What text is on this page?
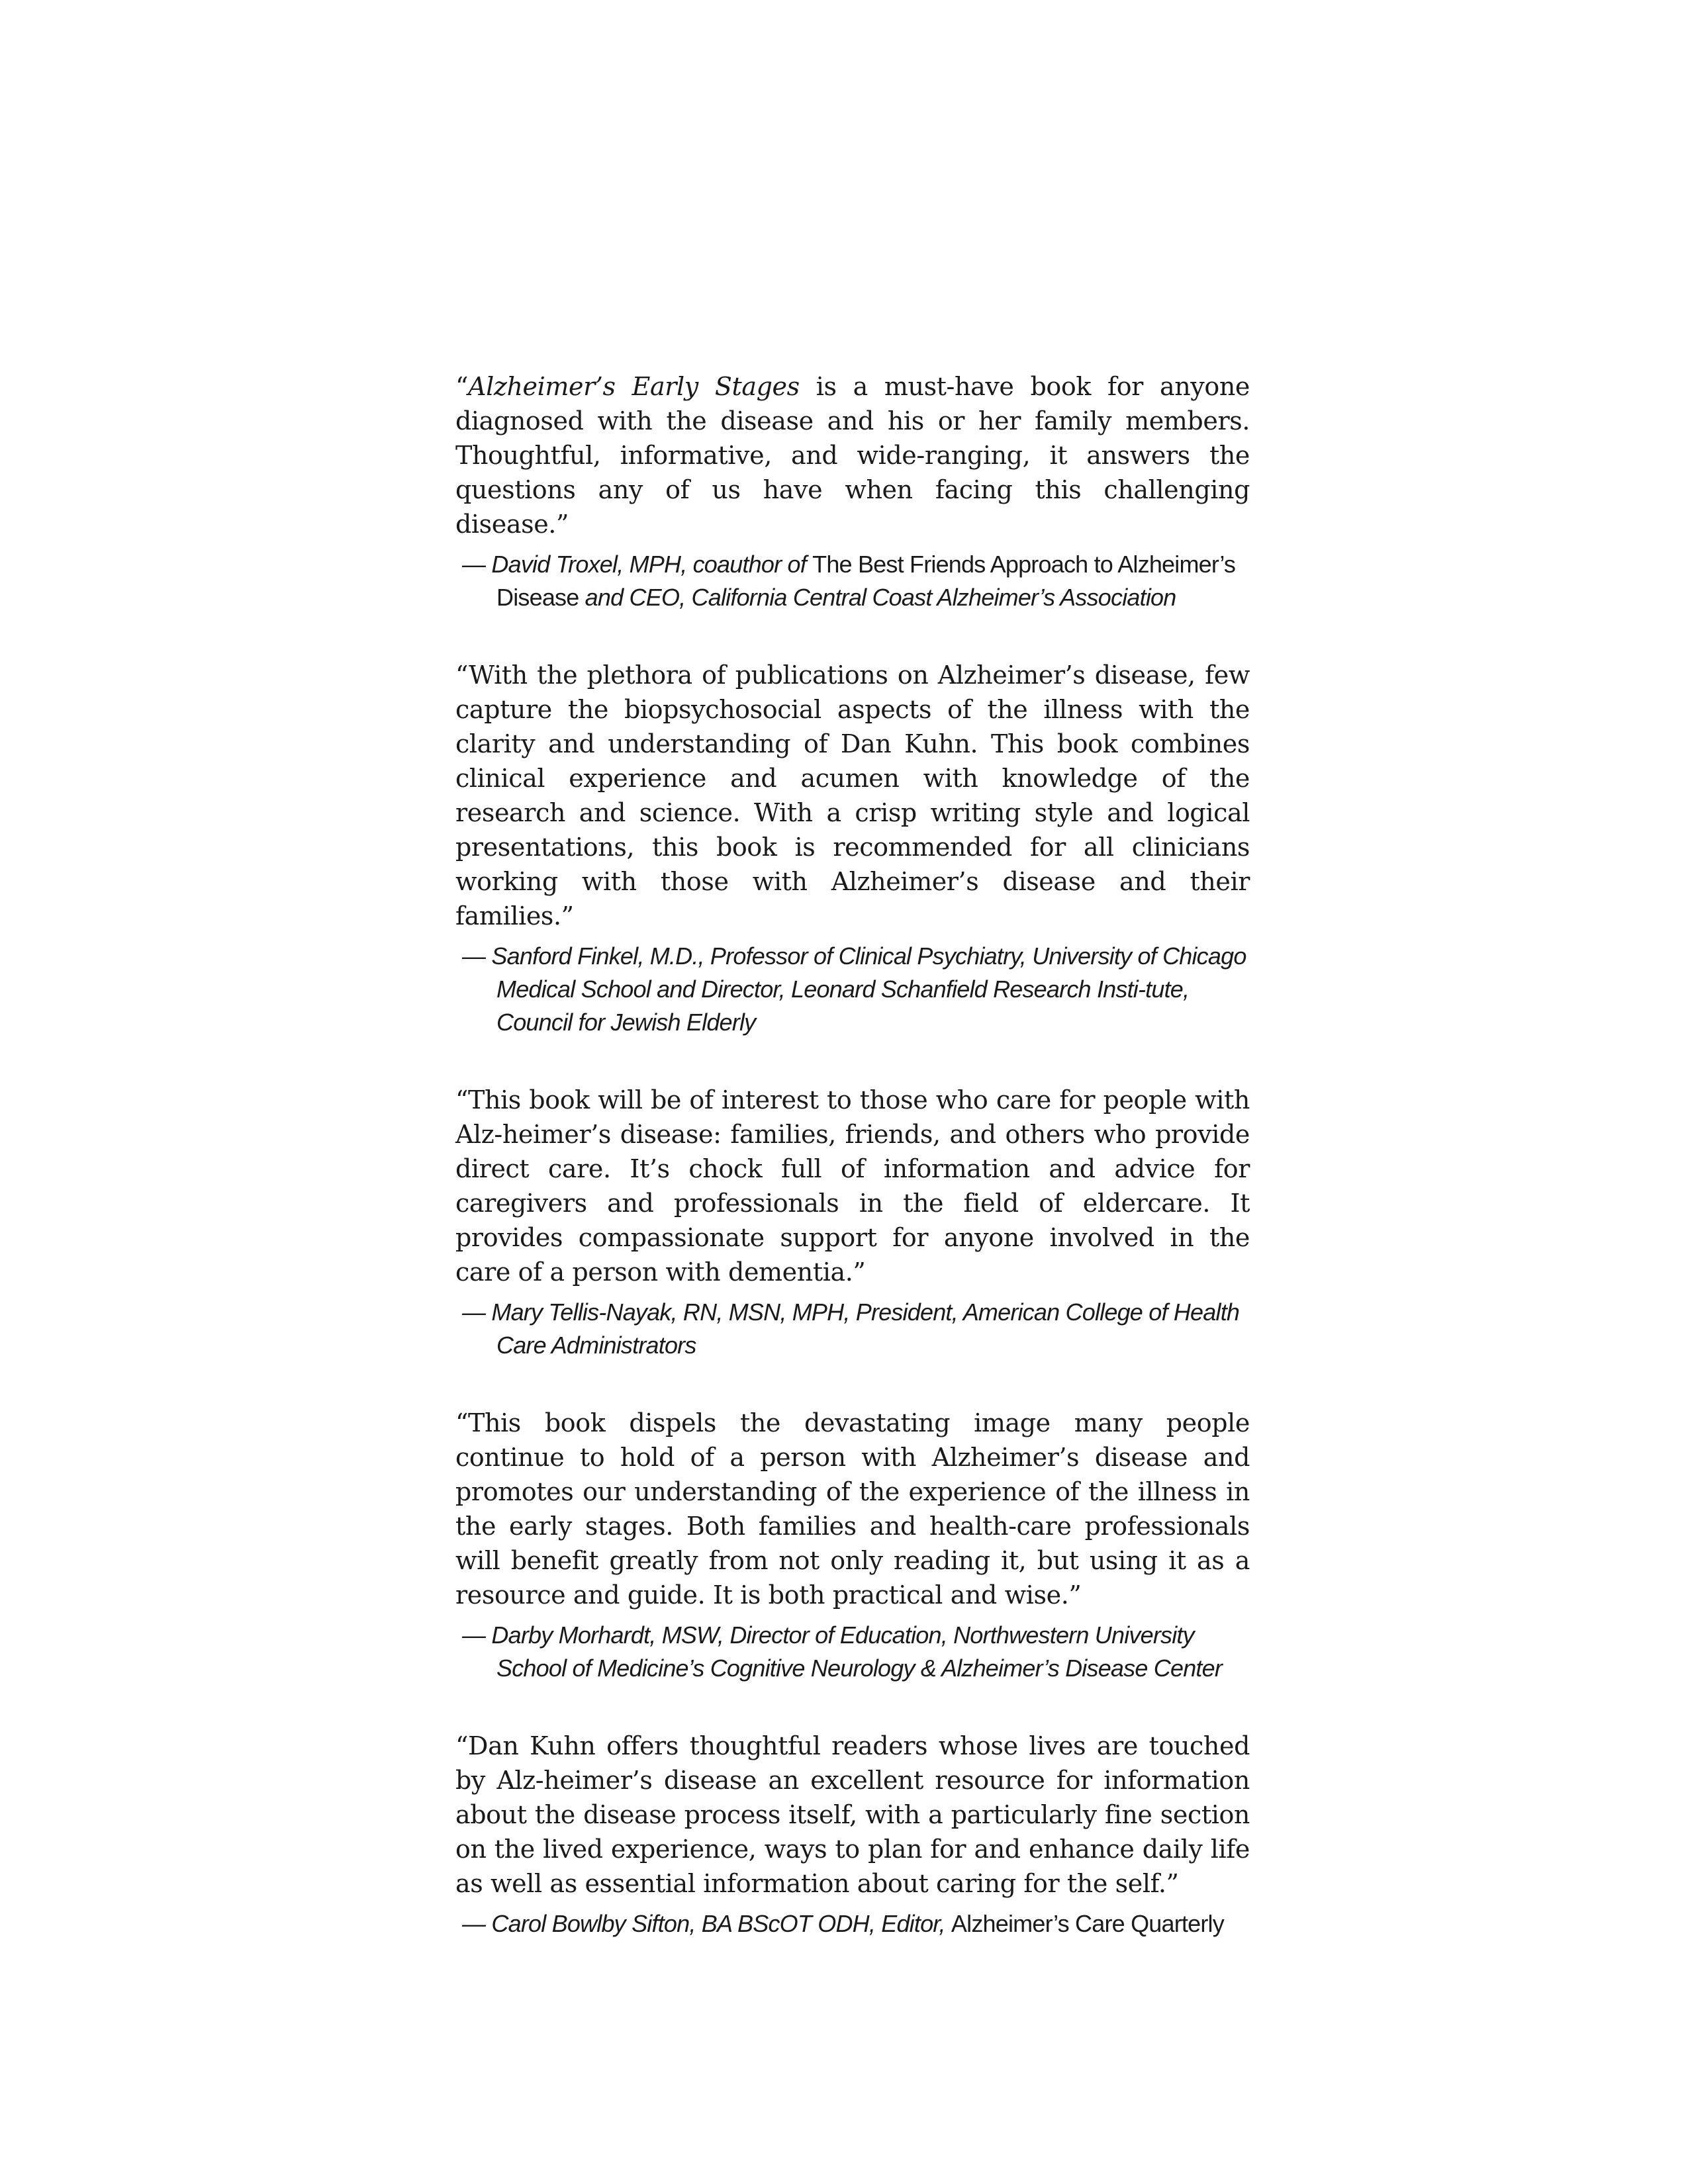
“Alzheimer’s Early Stages is a must-have book for anyone diagnosed with the disease and his or her family members. Thoughtful, informative, and wide-ranging, it answers the questions any of us have when facing this challenging disease.”

— David Troxel, MPH, coauthor of The Best Friends Approach to Alzheimer’s Disease and CEO, California Central Coast Alzheimer’s Association

“With the plethora of publications on Alzheimer’s disease, few capture the biopsychosocial aspects of the illness with the clarity and understanding of Dan Kuhn. This book combines clinical experience and acumen with knowledge of the research and science. With a crisp writing style and logical presentations, this book is recommended for all clinicians working with those with Alzheimer’s disease and their families.”

— Sanford Finkel, M.D., Professor of Clinical Psychiatry, University of Chicago Medical School and Director, Leonard Schanfield Research Insti-tute, Council for Jewish Elderly

“This book will be of interest to those who care for people with Alz-heimer’s disease: families, friends, and others who provide direct care. It’s chock full of information and advice for caregivers and professionals in the field of eldercare. It provides compassionate support for anyone involved in the care of a person with dementia.”

— Mary Tellis-Nayak, RN, MSN, MPH, President, American College of Health Care Administrators

“This book dispels the devastating image many people continue to hold of a person with Alzheimer’s disease and promotes our understanding of the experience of the illness in the early stages. Both families and health-care professionals will benefit greatly from not only reading it, but using it as a resource and guide. It is both practical and wise.”

— Darby Morhardt, MSW, Director of Education, Northwestern University School of Medicine’s Cognitive Neurology & Alzheimer’s Disease Center

“Dan Kuhn offers thoughtful readers whose lives are touched by Alz-heimer’s disease an excellent resource for information about the disease process itself, with a particularly fine section on the lived experience, ways to plan for and enhance daily life as well as essential information about caring for the self.”

— Carol Bowlby Sifton, BA BScOT ODH, Editor, Alzheimer’s Care Quarterly
